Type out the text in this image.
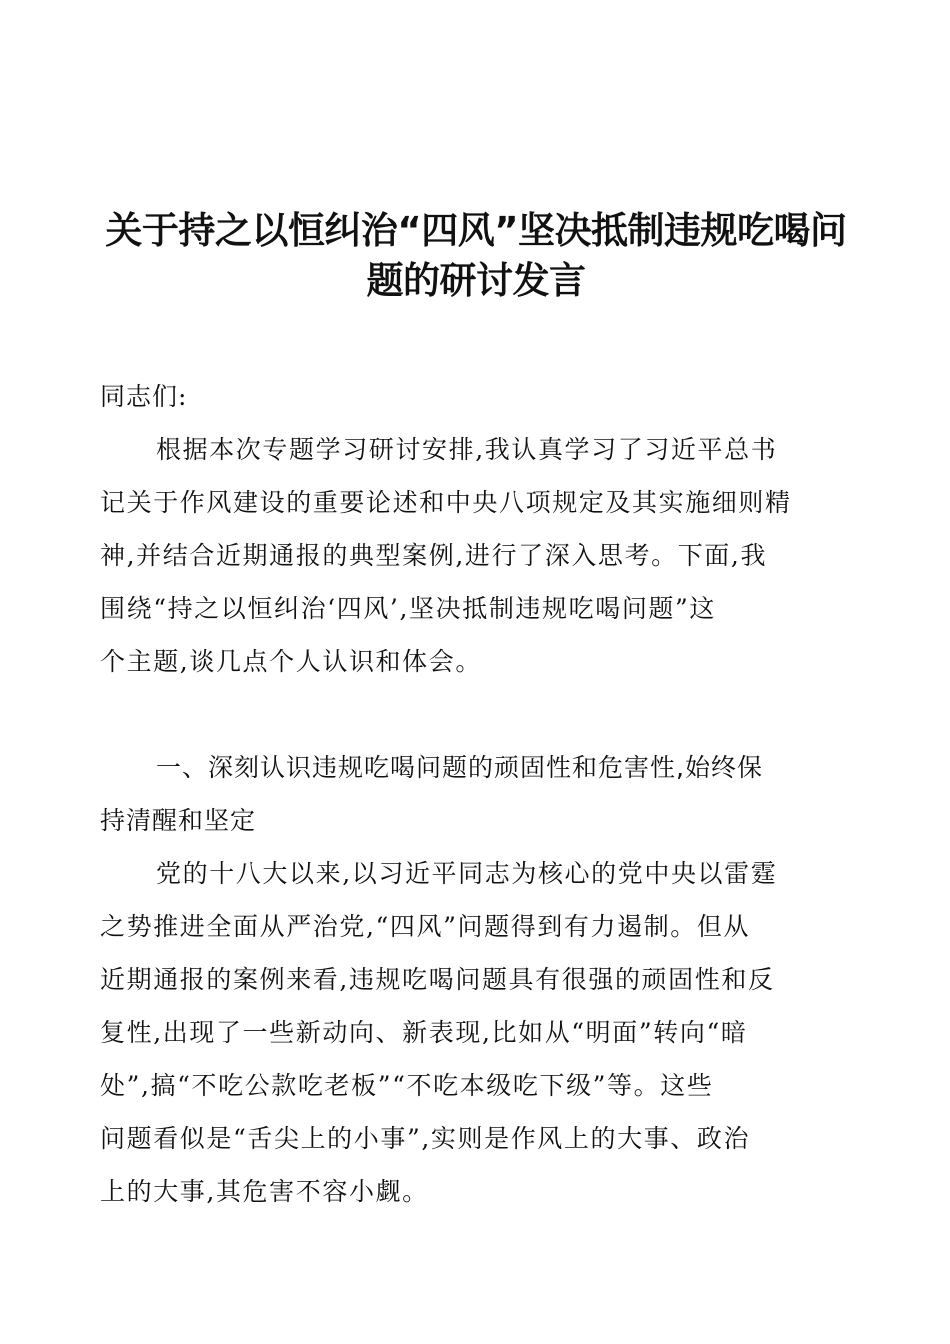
关于持之以恒纠治“四风”坚决抵制违规吃喝问
题的研讨发言
同志们:
根据本次专题学习研讨安排,我认真学习了习近平总书
记关于作风建设的重要论述和中央八项规定及其实施细则精
神,并结合近期通报的典型案例,进行了深入思考。下面,我
围绕“持之以恒纠治‘四风’,坚决抵制违规吃喝问题”这
个主题,谈几点个人认识和体会。
一、深刻认识违规吃喝问题的顽固性和危害性,始终保
持清醒和坚定
党的十八大以来,以习近平同志为核心的党中央以雷霆
之势推进全面从严治党,“四风”问题得到有力遏制。但从
近期通报的案例来看,违规吃喝问题具有很强的顽固性和反
复性,出现了一些新动向、新表现,比如从“明面”转向“暗
处”,搞“不吃公款吃老板”“不吃本级吃下级”等。这些
问题看似是“舌尖上的小事”,实则是作风上的大事、政治
上的大事,其危害不容小觑。
